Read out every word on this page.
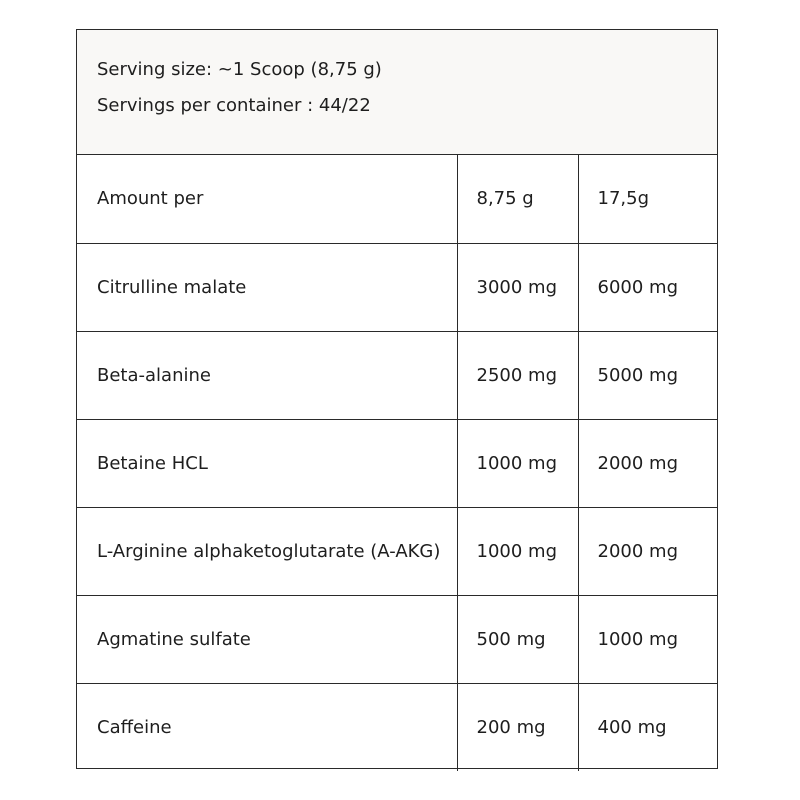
Serving size: ~1 Scoop (8,75 g)
Servings per container : 44/22
Amount per	8,75 g	17,5g
Citrulline malate	3000 mg	6000 mg
Beta-alanine	2500 mg	5000 mg
Betaine HCL	1000 mg	2000 mg
L-Arginine alphaketoglutarate (A-AKG)	1000 mg	2000 mg
Agmatine sulfate	500 mg	1000 mg
Caffeine	200 mg	400 mg
